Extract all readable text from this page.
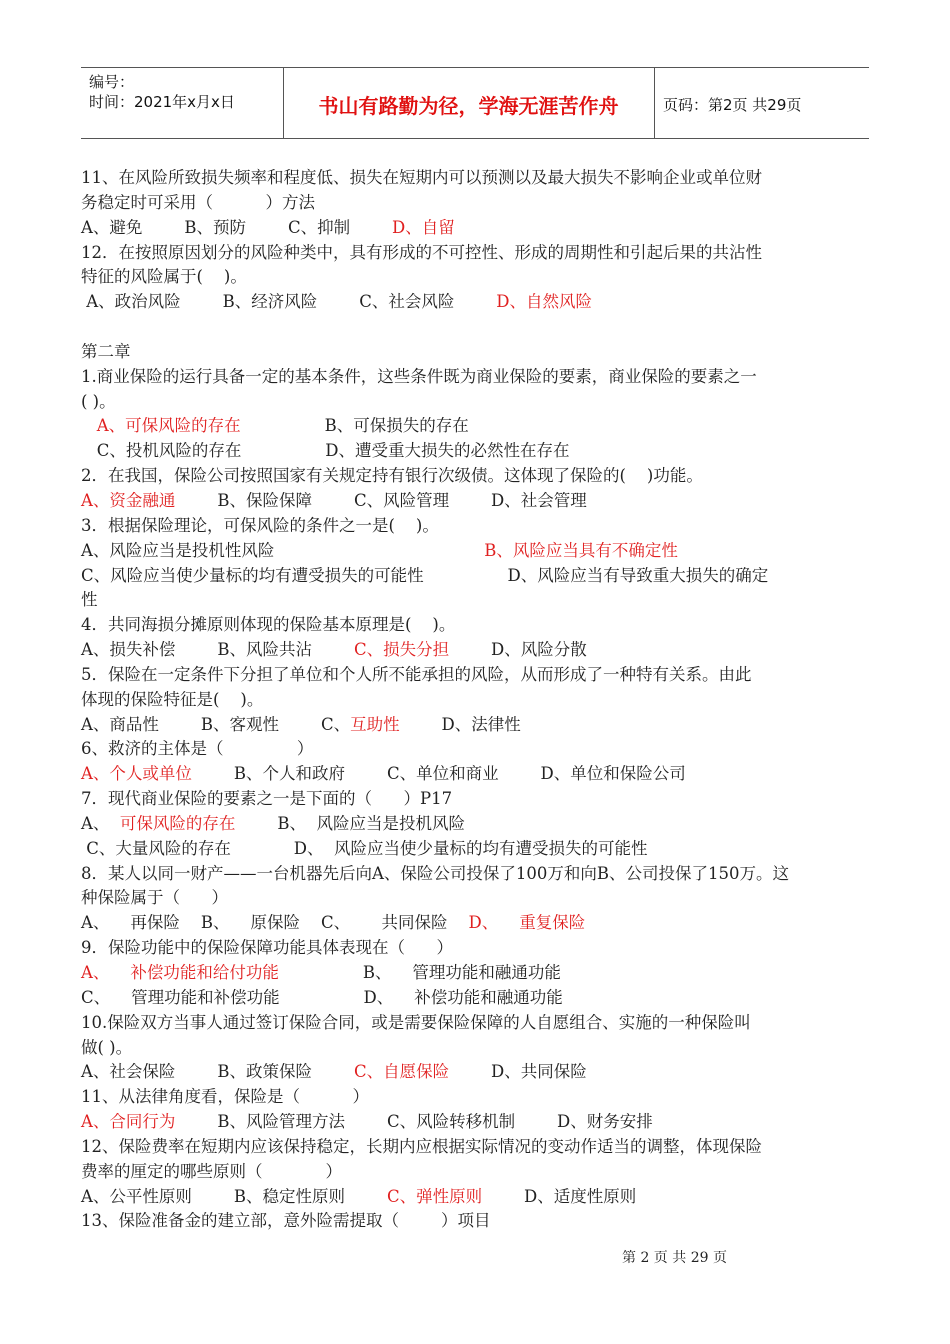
编号：
时间：2021年x月x日	书山有路勤为径，学海无涯苦作舟	页码：第2页 共29页
11、在风险所致损失频率和程度低、损失在短期内可以预测以及最大损失不影响企业或单位财
务稳定时可采用（          ）方法
A、避免        B、预防        C、抑制        D、自留
12．在按照原因划分的风险种类中，具有形成的不可控性、形成的周期性和引起后果的共沾性
特征的风险属于(    )。
A、政治风险        B、经济风险        C、社会风险        D、自然风险
第二章
1.商业保险的运行具备一定的基本条件，这些条件既为商业保险的要素，商业保险的要素之一
( )。
A、可保风险的存在                B、可保损失的存在
C、投机风险的存在                D、遭受重大损失的必然性在存在
2．在我国，保险公司按照国家有关规定持有银行次级债。这体现了保险的(    )功能。
A、资金融通        B、保险保障        C、风险管理        D、社会管理
3．根据保险理论，可保风险的条件之一是(    )。
A、风险应当是投机性风险                                        B、风险应当具有不确定性
C、风险应当使少量标的均有遭受损失的可能性                D、风险应当有导致重大损失的确定
性
4．共同海损分摊原则体现的保险基本原理是(    )。
A、损失补偿        B、风险共沾        C、损失分担        D、风险分散
5．保险在一定条件下分担了单位和个人所不能承担的风险，从而形成了一种特有关系。由此
体现的保险特征是(    )。
A、商品性        B、客观性        C、互助性        D、法律性
6、救济的主体是（              ）
A、个人或单位        B、个人和政府        C、单位和商业        D、单位和保险公司
7．现代商业保险的要素之一是下面的（      ）P17
A、  可保风险的存在        B、  风险应当是投机风险
C、大量风险的存在            D、  风险应当使少量标的均有遭受损失的可能性
8．某人以同一财产——一台机器先后向A、保险公司投保了100万和向B、公司投保了150万。这
种保险属于（      ）
A、    再保险    B、    原保险    C、      共同保险    D、    重复保险
9．保险功能中的保险保障功能具体表现在（      ）
A、    补偿功能和给付功能                B、    管理功能和融通功能
C、    管理功能和补偿功能                D、    补偿功能和融通功能
10.保险双方当事人通过签订保险合同，或是需要保险保障的人自愿组合、实施的一种保险叫
做( )。
A、社会保险        B、政策保险        C、自愿保险        D、共同保险
11、从法律角度看，保险是（          ）
A、合同行为        B、风险管理方法        C、风险转移机制        D、财务安排
12、保险费率在短期内应该保持稳定，长期内应根据实际情况的变动作适当的调整，体现保险
费率的厘定的哪些原则（            ）
A、公平性原则        B、稳定性原则        C、弹性原则        D、适度性原则
13、保险准备金的建立部，意外险需提取（        ）项目
第 2 页 共 29 页
